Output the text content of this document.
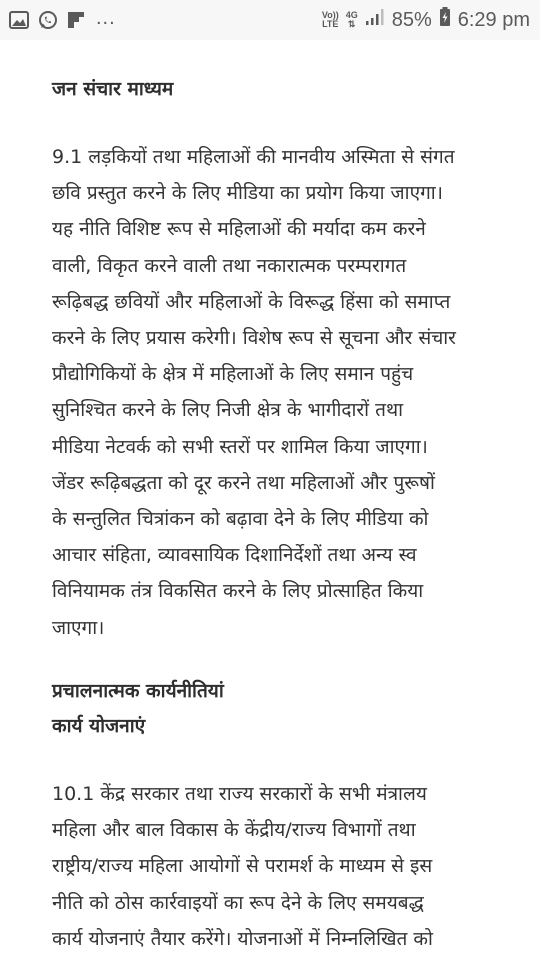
...	Vo))
LTE
4G
⇅ 85% 6:29 pm
जन संचार माध्यम
9.1 लड़कियों तथा महिलाओं की मानवीय अस्मिता से संगत
छवि प्रस्तुत करने के लिए मीडिया का प्रयोग किया जाएगा।
यह नीति विशिष्ट रूप से महिलाओं की मर्यादा कम करने
वाली, विकृत करने वाली तथा नकारात्मक परम्परागत
रूढ़िबद्ध छवियों और महिलाओं के विरूद्ध हिंसा को समाप्त
करने के लिए प्रयास करेगी। विशेष रूप से सूचना और संचार
प्रौद्योगिकियों के क्षेत्र में महिलाओं के लिए समान पहुंच
सुनिश्चित करने के लिए निजी क्षेत्र के भागीदारों तथा
मीडिया नेटवर्क को सभी स्तरों पर शामिल किया जाएगा।
जेंडर रूढ़िबद्धता को दूर करने तथा महिलाओं और पुरूषों
के सन्तुलित चित्रांकन को बढ़ावा देने के लिए मीडिया को
आचार संहिता, व्यावसायिक दिशानिर्देशों तथा अन्य स्व
विनियामक तंत्र विकसित करने के लिए प्रोत्साहित किया
जाएगा।
प्रचालनात्मक कार्यनीतियां
कार्य योजनाएं
10.1 केंद्र सरकार तथा राज्य सरकारों के सभी मंत्रालय
महिला और बाल विकास के केंद्रीय/राज्य विभागों तथा
राष्ट्रीय/राज्य महिला आयोगों से परामर्श के माध्यम से इस
नीति को ठोस कार्रवाइयों का रूप देने के लिए समयबद्ध
कार्य योजनाएं तैयार करेंगे। योजनाओं में निम्नलिखित को
